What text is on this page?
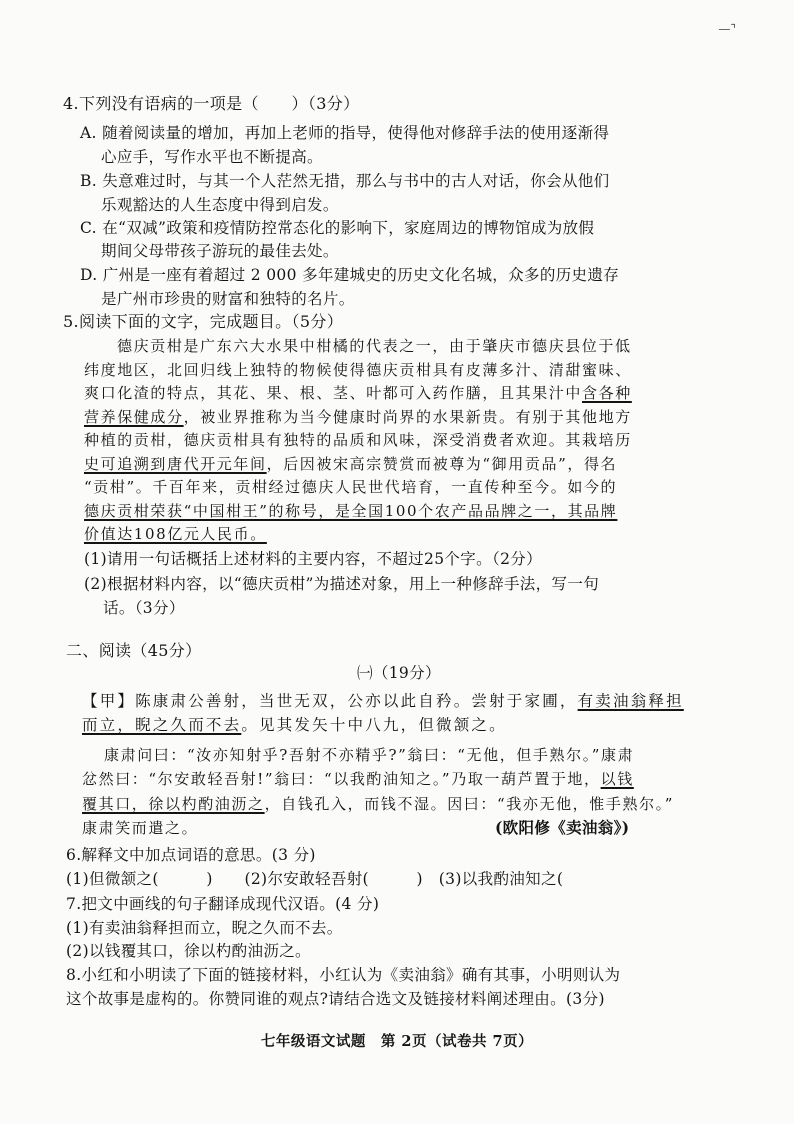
—⌝
4.下列没有语病的一项是（　　）（3分）
A. 随着阅读量的增加，再加上老师的指导，使得他对修辞手法的使用逐渐得
心应手，写作水平也不断提高。
B. 失意难过时，与其一个人茫然无措，那么与书中的古人对话，你会从他们
乐观豁达的人生态度中得到启发。
C. 在“双减”政策和疫情防控常态化的影响下，家庭周边的博物馆成为放假
期间父母带孩子游玩的最佳去处。
D. 广州是一座有着超过 2 000 多年建城史的历史文化名城，众多的历史遗存
是广州市珍贵的财富和独特的名片。
5.阅读下面的文字，完成题目。（5分）
德庆贡柑是广东六大水果中柑橘的代表之一，由于肇庆市德庆县位于低
纬度地区，北回归线上独特的物候使得德庆贡柑具有皮薄多汁、清甜蜜味、
爽口化渣的特点，其花、果、根、茎、叶都可入药作膳，且其果汁中含各种
营养保健成分，被业界推称为当今健康时尚界的水果新贵。有别于其他地方
种植的贡柑，德庆贡柑具有独特的品质和风味，深受消费者欢迎。其栽培历
史可追溯到唐代开元年间，后因被宋高宗赞赏而被尊为“御用贡品”，得名
“贡柑”。千百年来，贡柑经过德庆人民世代培育，一直传种至今。如今的
德庆贡柑荣获“中国柑王”的称号，是全国100个农产品品牌之一，其品牌
价值达108亿元人民币。
(1)请用一句话概括上述材料的主要内容，不超过25个字。（2分）
(2)根据材料内容，以“德庆贡柑”为描述对象，用上一种修辞手法，写一句
话。（3分）
二、阅读（45分）
㈠（19分）
【甲】陈康肃公善射，当世无双，公亦以此自矜。尝射于家圃，有卖油翁释担
而立，睨之久而不去。见其发矢十中八九，但微颔之。
康肃问曰：“汝亦知射乎?吾射不亦精乎?”翁曰：“无他，但手熟尔。”康肃
忿然曰：“尔安敢轻吾射!”翁曰：“以我酌油知之。”乃取一葫芦置于地，以钱
覆其口，徐以杓酌油沥之，自钱孔入，而钱不湿。因曰：“我亦无他，惟手熟尔。”
康肃笑而遣之。	(欧阳修《卖油翁》)
6.解释文中加点词语的意思。(3 分)
(1)但微颔之(　　　)　　(2)尔安敢轻吾射(　　　)　(3)以我酌油知之(
7.把文中画线的句子翻译成现代汉语。(4 分)
(1)有卖油翁释担而立，睨之久而不去。
(2)以钱覆其口，徐以杓酌油沥之。
8.小红和小明读了下面的链接材料，小红认为《卖油翁》确有其事，小明则认为
这个故事是虚构的。你赞同谁的观点?请结合选文及链接材料阐述理由。(3分)
七年级语文试题　第 2页（试卷共 7页）
